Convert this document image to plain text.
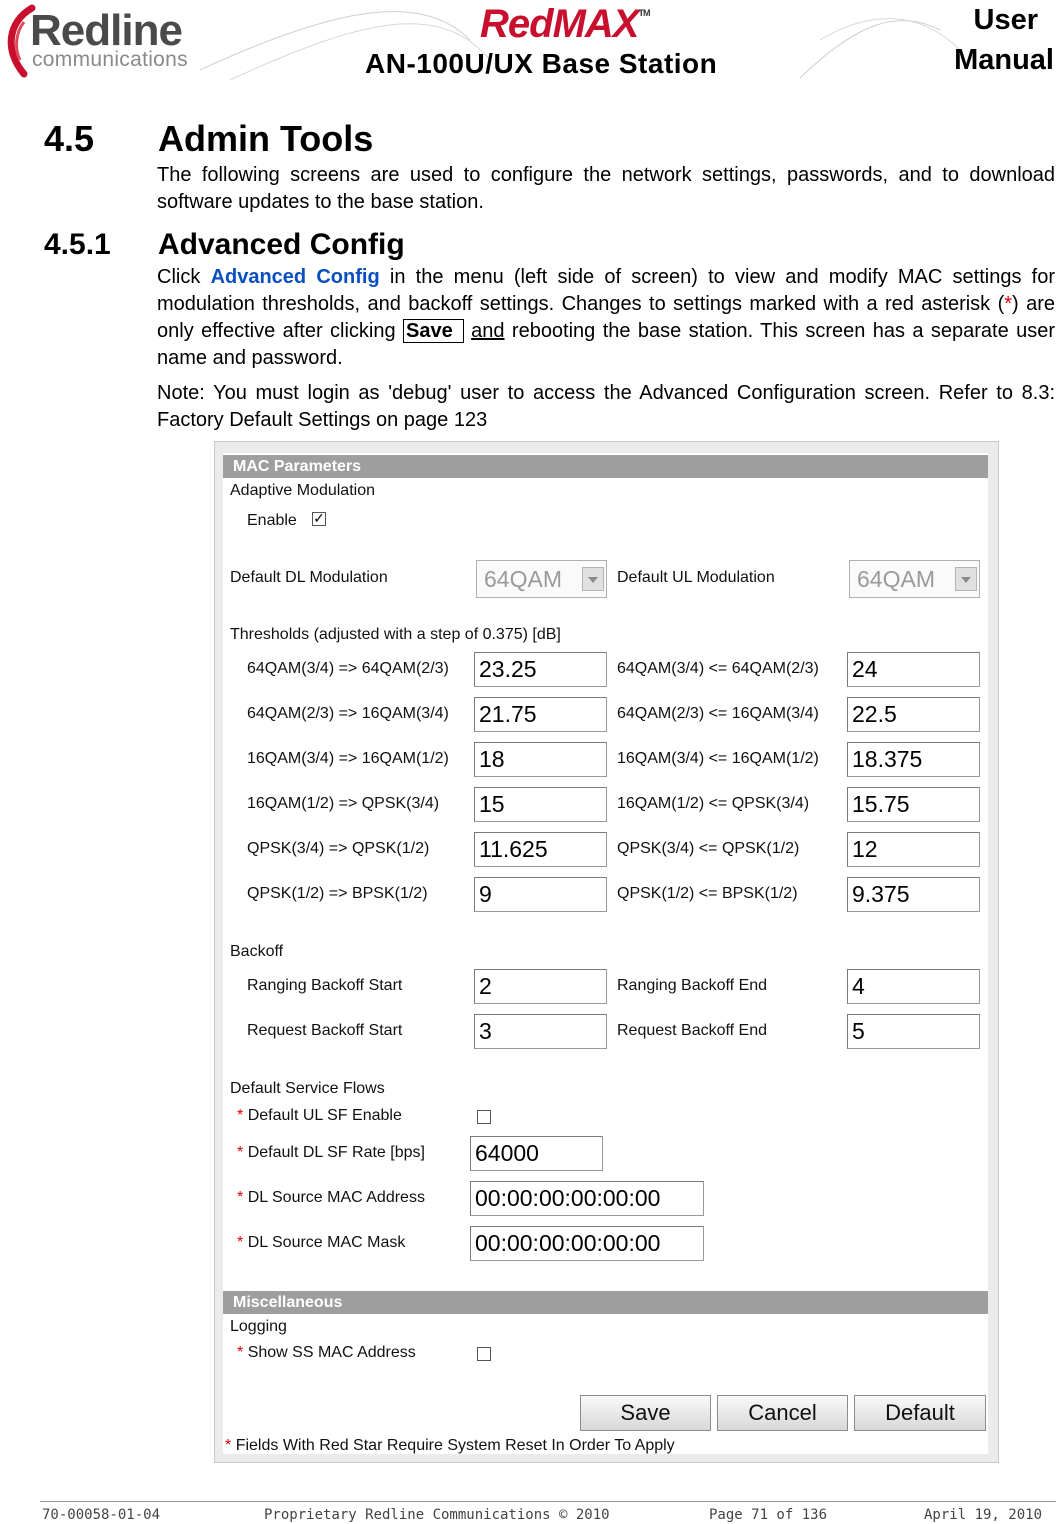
Redline
communications
RedMAX™
AN-100U/UX Base Station
User
Manual
4.5 Admin Tools
The following screens are used to configure the network settings, passwords, and to download software updates to the base station.
4.5.1 Advanced Config
Click Advanced Config in the menu (left side of screen) to view and modify MAC settings for modulation thresholds, and backoff settings. Changes to settings marked with a red asterisk (*) are only effective after clicking Save and rebooting the base station. This screen has a separate user name and password.
Note: You must login as 'debug' user to access the Advanced Configuration screen. Refer to 8.3: Factory Default Settings on page 123
MAC Parameters
Adaptive Modulation
Enable ✓
Default DL Modulation	64QAM	Default UL Modulation	64QAM
Thresholds (adjusted with a step of 0.375) [dB]
64QAM(3/4) => 64QAM(2/3) 23.25	64QAM(3/4) <= 64QAM(2/3) 24
64QAM(2/3) => 16QAM(3/4) 21.75	64QAM(2/3) <= 16QAM(3/4) 22.5
16QAM(3/4) => 16QAM(1/2) 18	16QAM(3/4) <= 16QAM(1/2) 18.375
16QAM(1/2) => QPSK(3/4) 15	16QAM(1/2) <= QPSK(3/4) 15.75
QPSK(3/4) => QPSK(1/2) 11.625	QPSK(3/4) <= QPSK(1/2) 12
QPSK(1/2) => BPSK(1/2) 9	QPSK(1/2) <= BPSK(1/2) 9.375
Backoff
Ranging Backoff Start	2	Ranging Backoff End	4
Request Backoff Start	3	Request Backoff End	5
Default Service Flows
* Default UL SF Enable
* Default DL SF Rate [bps] 64000
* DL Source MAC Address 00:00:00:00:00:00
* DL Source MAC Mask	00:00:00:00:00:00
Miscellaneous
Logging
* Show SS MAC Address
Save	Cancel	Default
* Fields With Red Star Require System Reset In Order To Apply
70-00058-01-04	Proprietary Redline Communications © 2010	Page 71 of 136	April 19, 2010
